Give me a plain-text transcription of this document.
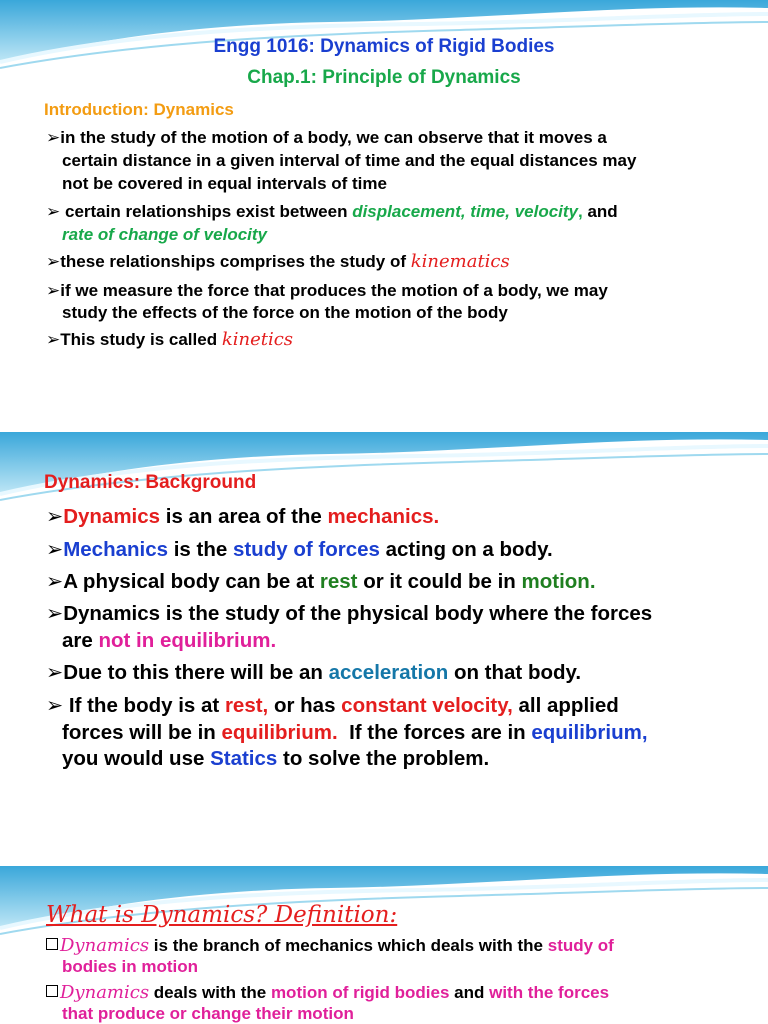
Engg 1016: Dynamics of Rigid Bodies
Chap.1: Principle of Dynamics
Introduction: Dynamics
➢in the study of the motion of a body, we can observe that it moves a
certain distance in a given interval of time and the equal distances may
not be covered in equal intervals of time
➢ certain relationships exist between displacement, time, velocity, and
rate of change of velocity
➢these relationships comprises the study of kinematics
➢if we measure the force that produces the motion of a body, we may
study the effects of the force on the motion of the body
➢This study is called kinetics
Dynamics: Background
➢Dynamics is an area of the mechanics.
➢Mechanics is the study of forces acting on a body.
➢A physical body can be at rest or it could be in motion.
➢Dynamics is the study of the physical body where the forces
are not in equilibrium.
➢Due to this there will be an acceleration on that body.
➢ If the body is at rest, or has constant velocity, all applied
forces will be in equilibrium.  If the forces are in equilibrium,
you would use Statics to solve the problem.
What is Dynamics? Definition:
Dynamics is the branch of mechanics which deals with the study of
bodies in motion
Dynamics deals with the motion of rigid bodies and with the forces
that produce or change their motion
